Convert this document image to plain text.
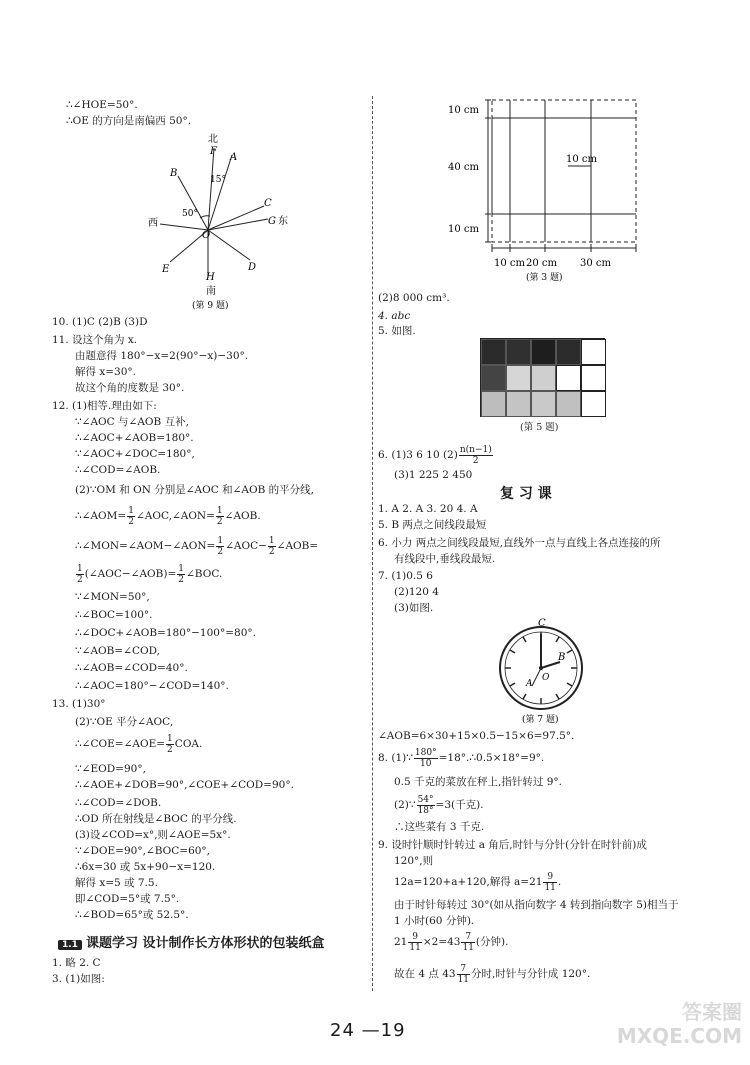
∴∠HOE=50°.
∴OE 的方向是南偏西 50°.
北
F
A
15°
B
C
50°
西	G 东
O
E	D
H
南
(第 9 题)
10. (1)C (2)B (3)D
11. 设这个角为 x.
由题意得 180°−x=2(90°−x)−30°.
解得 x=30°.
故这个角的度数是 30°.
12. (1)相等.理由如下:
∵∠AOC 与∠AOB 互补,
∴∠AOC+∠AOB=180°.
∵∠AOC+∠DOC=180°,
∴∠COD=∠AOB.
(2)∵OM 和 ON 分别是∠AOC 和∠AOB 的平分线,
∴∠AOM= $\frac{1}{2}$ ∠AOC,∠AON= $\frac{1}{2}$ ∠AOB.
∴∠MON=∠AOM−∠AON= $\frac{1}{2}$ ∠AOC− $\frac{1}{2}$ ∠AOB=
$\frac{1}{2}$ (∠AOC−∠AOB)= $\frac{1}{2}$ ∠BOC.
∵∠MON=50°,
∴∠BOC=100°.
∴∠DOC+∠AOB=180°−100°=80°.
∵∠AOB=∠COD,
∴∠AOB=∠COD=40°.
∴∠AOC=180°−∠COD=140°.
13. (1)30°
(2)∵OE 平分∠AOC,
∴∠COE=∠AOE= $\frac{1}{2}$ COA.
∵∠EOD=90°,
∴∠AOE+∠DOB=90°,∠COE+∠COD=90°.
∴∠COD=∠DOB.
∴OD 所在射线是∠BOC 的平分线.
(3)设∠COD=x°,则∠AOE=5x°.
∵∠DOE=90°,∠BOC=60°,
∴6x=30 或 5x+90−x=120.
解得 x=5 或 7.5.
即∠COD=5°或 7.5°.
∴∠BOD=65°或 52.5°.
1.1 课题学习 设计制作长方体形状的包装纸盒
1. 略 2. C
3. (1)如图:
10 cm
40 cm
10 cm
10 cm
10 cm 20 cm 30 cm
(第 3 题)
(2)8 000 cm³.
4. abc
5. 如图.
(第 5 题)
6. (1)3 6 10 $(2) \frac{n(n-1)}{2}$
(3)1 225 2 450
复 习 课
1. A 2. A 3. 20 4. A
5. B 两点之间线段最短
6. 小力 两点之间线段最短,直线外一点与直线上各点连接的所
有线段中,垂线段最短.
7. (1)0.5 6
(2)120 4
(3)如图.
C
B
A
O
(第 7 题)
∠AOB=6×30+15×0.5−15×6=97.5°.
8. (1)∵ $\frac{180^\circ}{10}$ =18°.∴0.5×18°=9°.
0.5 千克的菜放在秤上,指针转过 9°.
(2)∵ $\frac{54^\circ}{18^\circ} =3$(千克).
∴这些菜有 3 千克.
9. 设时针顺时针转过 a 角后,时针与分针(分针在时针前)成
120°,则
12a=120+a+120,解得 $a=21 \frac{9}{11}$ .
由于时针每转过 30°(如从指向数字 4 转到指向数字 5)相当于
1 小时(60 分钟).
$21 \frac{9}{11} \times 2=43 \frac{7}{11}$ (分钟).
故在 4 点 $43 \frac{7}{11}$ 分时,时针与分针成 120°.
24 —19
答案圈 MXQE.COM
